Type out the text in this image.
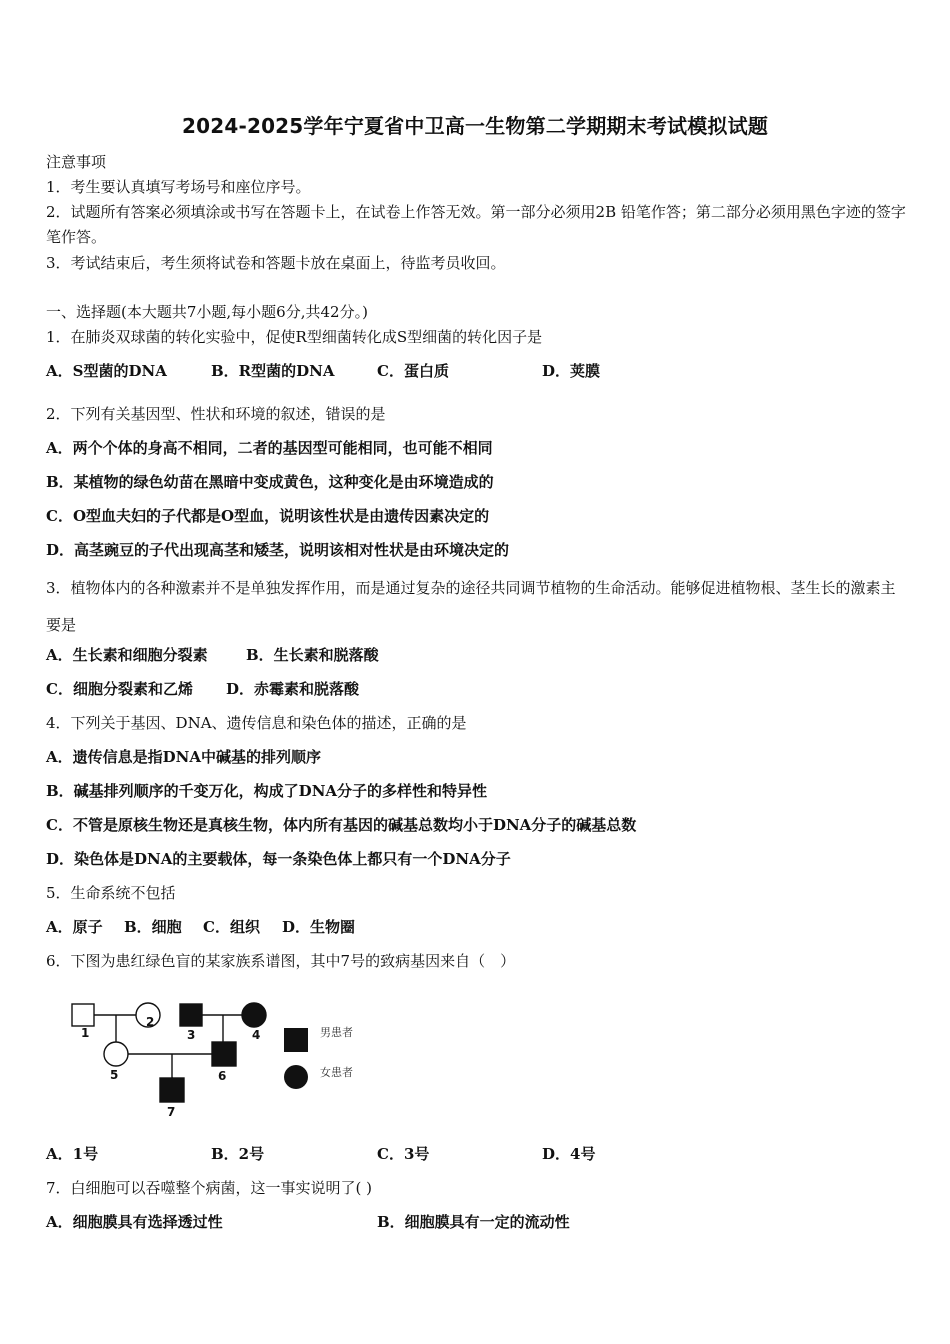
2024-2025学年宁夏省中卫高一生物第二学期期末考试模拟试题
注意事项
1．考生要认真填写考场号和座位序号。
2．试题所有答案必须填涂或书写在答题卡上，在试卷上作答无效。第一部分必须用2B 铅笔作答；第二部分必须用黑色字迹的签字笔作答。
3．考试结束后，考生须将试卷和答题卡放在桌面上，待监考员收回。
一、选择题(本大题共7小题,每小题6分,共42分。)
1．在肺炎双球菌的转化实验中，促使R型细菌转化成S型细菌的转化因子是
A．S型菌的DNA	B．R型菌的DNA	C．蛋白质	D．荚膜
2．下列有关基因型、性状和环境的叙述，错误的是
A．两个个体的身高不相同，二者的基因型可能相同，也可能不相同
B．某植物的绿色幼苗在黑暗中变成黄色，这种变化是由环境造成的
C．O型血夫妇的子代都是O型血，说明该性状是由遗传因素决定的
D．高茎豌豆的子代出现高茎和矮茎，说明该相对性状是由环境决定的
3．植物体内的各种激素并不是单独发挥作用，而是通过复杂的途径共同调节植物的生命活动。能够促进植物根、茎生长的激素主要是
A．生长素和细胞分裂素	B．生长素和脱落酸
C．细胞分裂素和乙烯 D．赤霉素和脱落酸
4．下列关于基因、DNA、遗传信息和染色体的描述，正确的是
A．遗传信息是指DNA中碱基的排列顺序
B．碱基排列顺序的千变万化，构成了DNA分子的多样性和特异性
C．不管是原核生物还是真核生物，体内所有基因的碱基总数均小于DNA分子的碱基总数
D．染色体是DNA的主要载体，每一条染色体上都只有一个DNA分子
5．生命系统不包括
A．原子 B．细胞 C．组织 D．生物圈
6．下图为患红绿色盲的某家族系谱图，其中7号的致病基因来自（　）
1
2
3	4
5	6
7
男患者
女患者
A．1号	B．2号	C．3号	D．4号
7．白细胞可以吞噬整个病菌，这一事实说明了( )
A．细胞膜具有选择透过性	B．细胞膜具有一定的流动性
